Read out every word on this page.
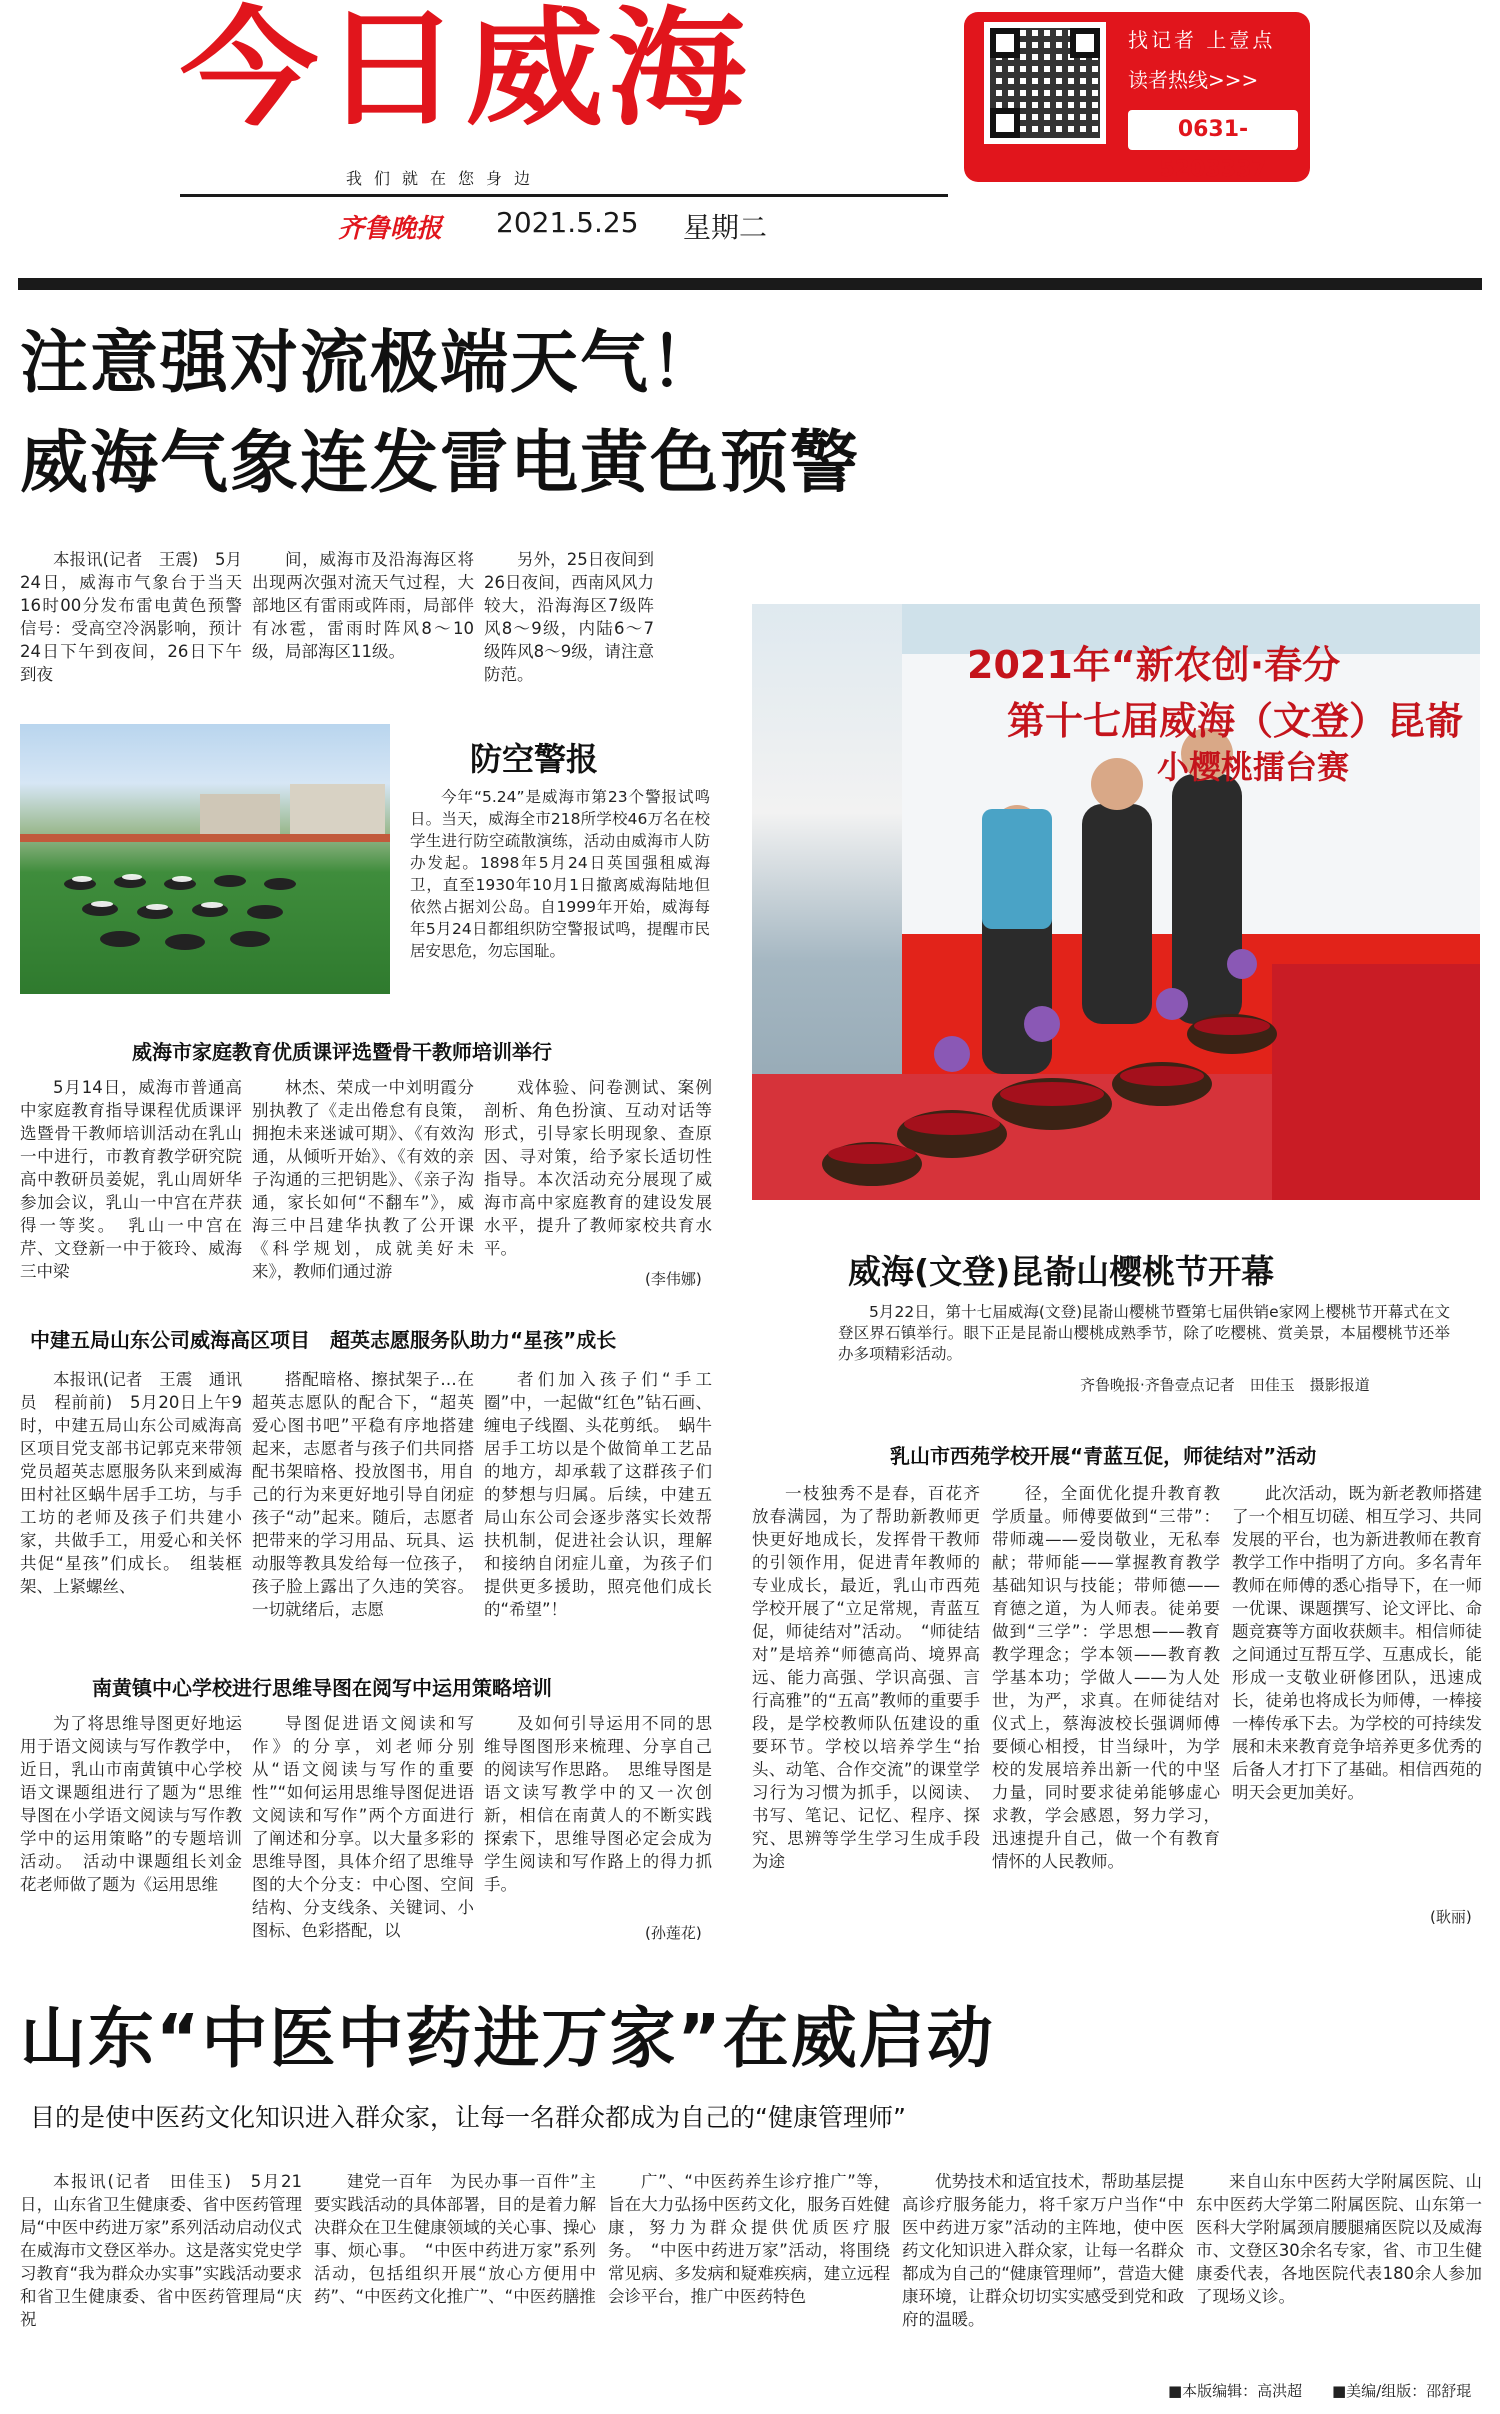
今日威海
我们就在您身边
齐鲁晚报 2021.5.25 星期二
找记者 上壹点
读者热线>>>
0631-5203337
注意强对流极端天气！
威海气象连发雷电黄色预警

本报讯(记者　王震)　5月24日，威海市气象台于当天16时00分发布雷电黄色预警信号：受高空冷涡影响，预计24日下午到夜间，26日下午到夜

间，威海市及沿海海区将出现两次强对流天气过程，大部地区有雷雨或阵雨，局部伴有冰雹，雷雨时阵风8～10级，局部海区11级。

另外，25日夜间到26日夜间，西南风风力较大，沿海海区7级阵风8～9级，内陆6～7级阵风8～9级，请注意防范。

防空警报

今年“5.24”是威海市第23个警报试鸣日。当天，威海全市218所学校46万名在校学生进行防空疏散演练，活动由威海市人防办发起。1898年5月24日英国强租威海卫，直至1930年10月1日撤离威海陆地但依然占据刘公岛。自1999年开始，威海每年5月24日都组织防空警报试鸣，提醒市民居安思危，勿忘国耻。

2021年“新农创·春分
第十七届威海（文登）昆嵛
小樱桃擂台赛
威海(文登)昆嵛山樱桃节开幕

5月22日，第十七届威海(文登)昆嵛山樱桃节暨第七届供销e家网上樱桃节开幕式在文登区界石镇举行。眼下正是昆嵛山樱桃成熟季节，除了吃樱桃、赏美景，本届樱桃节还举办多项精彩活动。

齐鲁晚报·齐鲁壹点记者　田佳玉　摄影报道
威海市家庭教育优质课评选暨骨干教师培训举行

5月14日，威海市普通高中家庭教育指导课程优质课评选暨骨干教师培训活动在乳山一中进行，市教育教学研究院高中教研员姜妮，乳山周妍华参加会议，乳山一中宫在芹获得一等奖。　乳山一中宫在芹、文登新一中于筱玲、威海三中梁

林杰、荣成一中刘明霞分别执教了《走出倦怠有良策，拥抱未来迷诚可期》、《有效沟通，从倾听开始》、《有效的亲子沟通的三把钥匙》、《亲子沟通，家长如何“不翻车”》，威海三中吕建华执教了公开课《科学规划，成就美好未来》，教师们通过游

戏体验、问卷测试、案例剖析、角色扮演、互动对话等形式，引导家长明现象、查原因、寻对策，给予家长适切性指导。本次活动充分展现了威海市高中家庭教育的建设发展水平，提升了教师家校共育水平。

(李伟娜)
中建五局山东公司威海高区项目　超英志愿服务队助力“星孩”成长

本报讯(记者　王震　通讯员　程前前)　5月20日上午9时，中建五局山东公司威海高区项目党支部书记郭克来带领党员超英志愿服务队来到威海田村社区蜗牛居手工坊，与手工坊的老师及孩子们共建小家，共做手工，用爱心和关怀共促“星孩”们成长。　组装框架、上紧螺丝、

搭配暗格、擦拭架子…在超英志愿队的配合下，“超英爱心图书吧”平稳有序地搭建起来，志愿者与孩子们共同搭配书架暗格、投放图书，用自己的行为来更好地引导自闭症孩子“动”起来。随后，志愿者把带来的学习用品、玩具、运动服等教具发给每一位孩子，孩子脸上露出了久违的笑容。一切就绪后，志愿

者们加入孩子们“手工圈”中，一起做“红色”钻石画、缠电子线圈、头花剪纸。　蜗牛居手工坊以是个做简单工艺品的地方，却承载了这群孩子们的梦想与归属。后续，中建五局山东公司会逐步落实长效帮扶机制，促进社会认识，理解和接纳自闭症儿童，为孩子们提供更多援助，照亮他们成长的“希望”！

南黄镇中心学校进行思维导图在阅写中运用策略培训

为了将思维导图更好地运用于语文阅读与写作教学中，近日，乳山市南黄镇中心学校语文课题组进行了题为“思维导图在小学语文阅读与写作教学中的运用策略”的专题培训活动。　活动中课题组长刘金花老师做了题为《运用思维

导图促进语文阅读和写作》的分享，刘老师分别从“语文阅读与写作的重要性”“如何运用思维导图促进语文阅读和写作”两个方面进行了阐述和分享。以大量多彩的思维导图，具体介绍了思维导图的大个分支：中心图、空间结构、分支线条、关键词、小图标、色彩搭配，以

及如何引导运用不同的思维导图图形来梳理、分享自己的阅读写作思路。　思维导图是语文读写教学中的又一次创新，相信在南黄人的不断实践探索下，思维导图必定会成为学生阅读和写作路上的得力抓手。

(孙莲花)
乳山市西苑学校开展“青蓝互促，师徒结对”活动

一枝独秀不是春，百花齐放春满园，为了帮助新教师更快更好地成长，发挥骨干教师的引领作用，促进青年教师的专业成长，最近，乳山市西苑学校开展了“立足常规，青蓝互促，师徒结对”活动。　“师徒结对”是培养“师德高尚、境界高远、能力高强、学识高强、言行高雅”的“五高”教师的重要手段，是学校教师队伍建设的重要环节。学校以培养学生“抬头、动笔、合作交流”的课堂学习行为习惯为抓手，以阅读、书写、笔记、记忆、程序、探究、思辨等学生学习生成手段为途

径，全面优化提升教育教学质量。师傅要做到“三带”：带师魂——爱岗敬业，无私奉献；带师能——掌握教育教学基础知识与技能；带师德——育德之道，为人师表。徒弟要做到“三学”：学思想——教育教学理念；学本领——教育教学基本功；学做人——为人处世，为严，求真。在师徒结对仪式上，蔡海波校长强调师傅要倾心相授，甘当绿叶，为学校的发展培养出新一代的中坚力量，同时要求徒弟能够虚心求教，学会感恩，努力学习，迅速提升自己，做一个有教育情怀的人民教师。

此次活动，既为新老教师搭建了一个相互切磋、相互学习、共同发展的平台，也为新进教师在教育教学工作中指明了方向。多名青年教师在师傅的悉心指导下，在一师一优课、课题撰写、论文评比、命题竞赛等方面收获颇丰。相信师徒之间通过互帮互学、互惠成长，能形成一支敬业研修团队，迅速成长，徒弟也将成长为师傅，一棒接一棒传承下去。为学校的可持续发展和未来教育竞争培养更多优秀的后备人才打下了基础。相信西苑的明天会更加美好。

(耿丽)
山东“中医中药进万家”在威启动
目的是使中医药文化知识进入群众家，让每一名群众都成为自己的“健康管理师”

本报讯(记者　田佳玉)　5月21日，山东省卫生健康委、省中医药管理局“中医中药进万家”系列活动启动仪式在威海市文登区举办。这是落实党史学习教育“我为群众办实事”实践活动要求和省卫生健康委、省中医药管理局“庆祝

建党一百年　为民办事一百件”主要实践活动的具体部署，目的是着力解决群众在卫生健康领域的关心事、操心事、烦心事。　“中医中药进万家”系列活动，包括组织开展“放心方便用中药”、“中医药文化推广”、“中医药膳推

广”、“中医药养生诊疗推广”等，旨在大力弘扬中医药文化，服务百姓健康，努力为群众提供优质医疗服务。　“中医中药进万家”活动，将围绕常见病、多发病和疑难疾病，建立远程会诊平台，推广中医药特色

优势技术和适宜技术，帮助基层提高诊疗服务能力，将千家万户当作“中医中药进万家”活动的主阵地，使中医药文化知识进入群众家，让每一名群众都成为自己的“健康管理师”，营造大健康环境，让群众切切实实感受到党和政府的温暖。

来自山东中医药大学附属医院、山东中医药大学第二附属医院、山东第一医科大学附属颈肩腰腿痛医院以及威海市、文登区30余名专家，省、市卫生健康委代表，各地医院代表180余人参加了现场义诊。

■本版编辑：高洪超 ■美编/组版：邵舒琨
